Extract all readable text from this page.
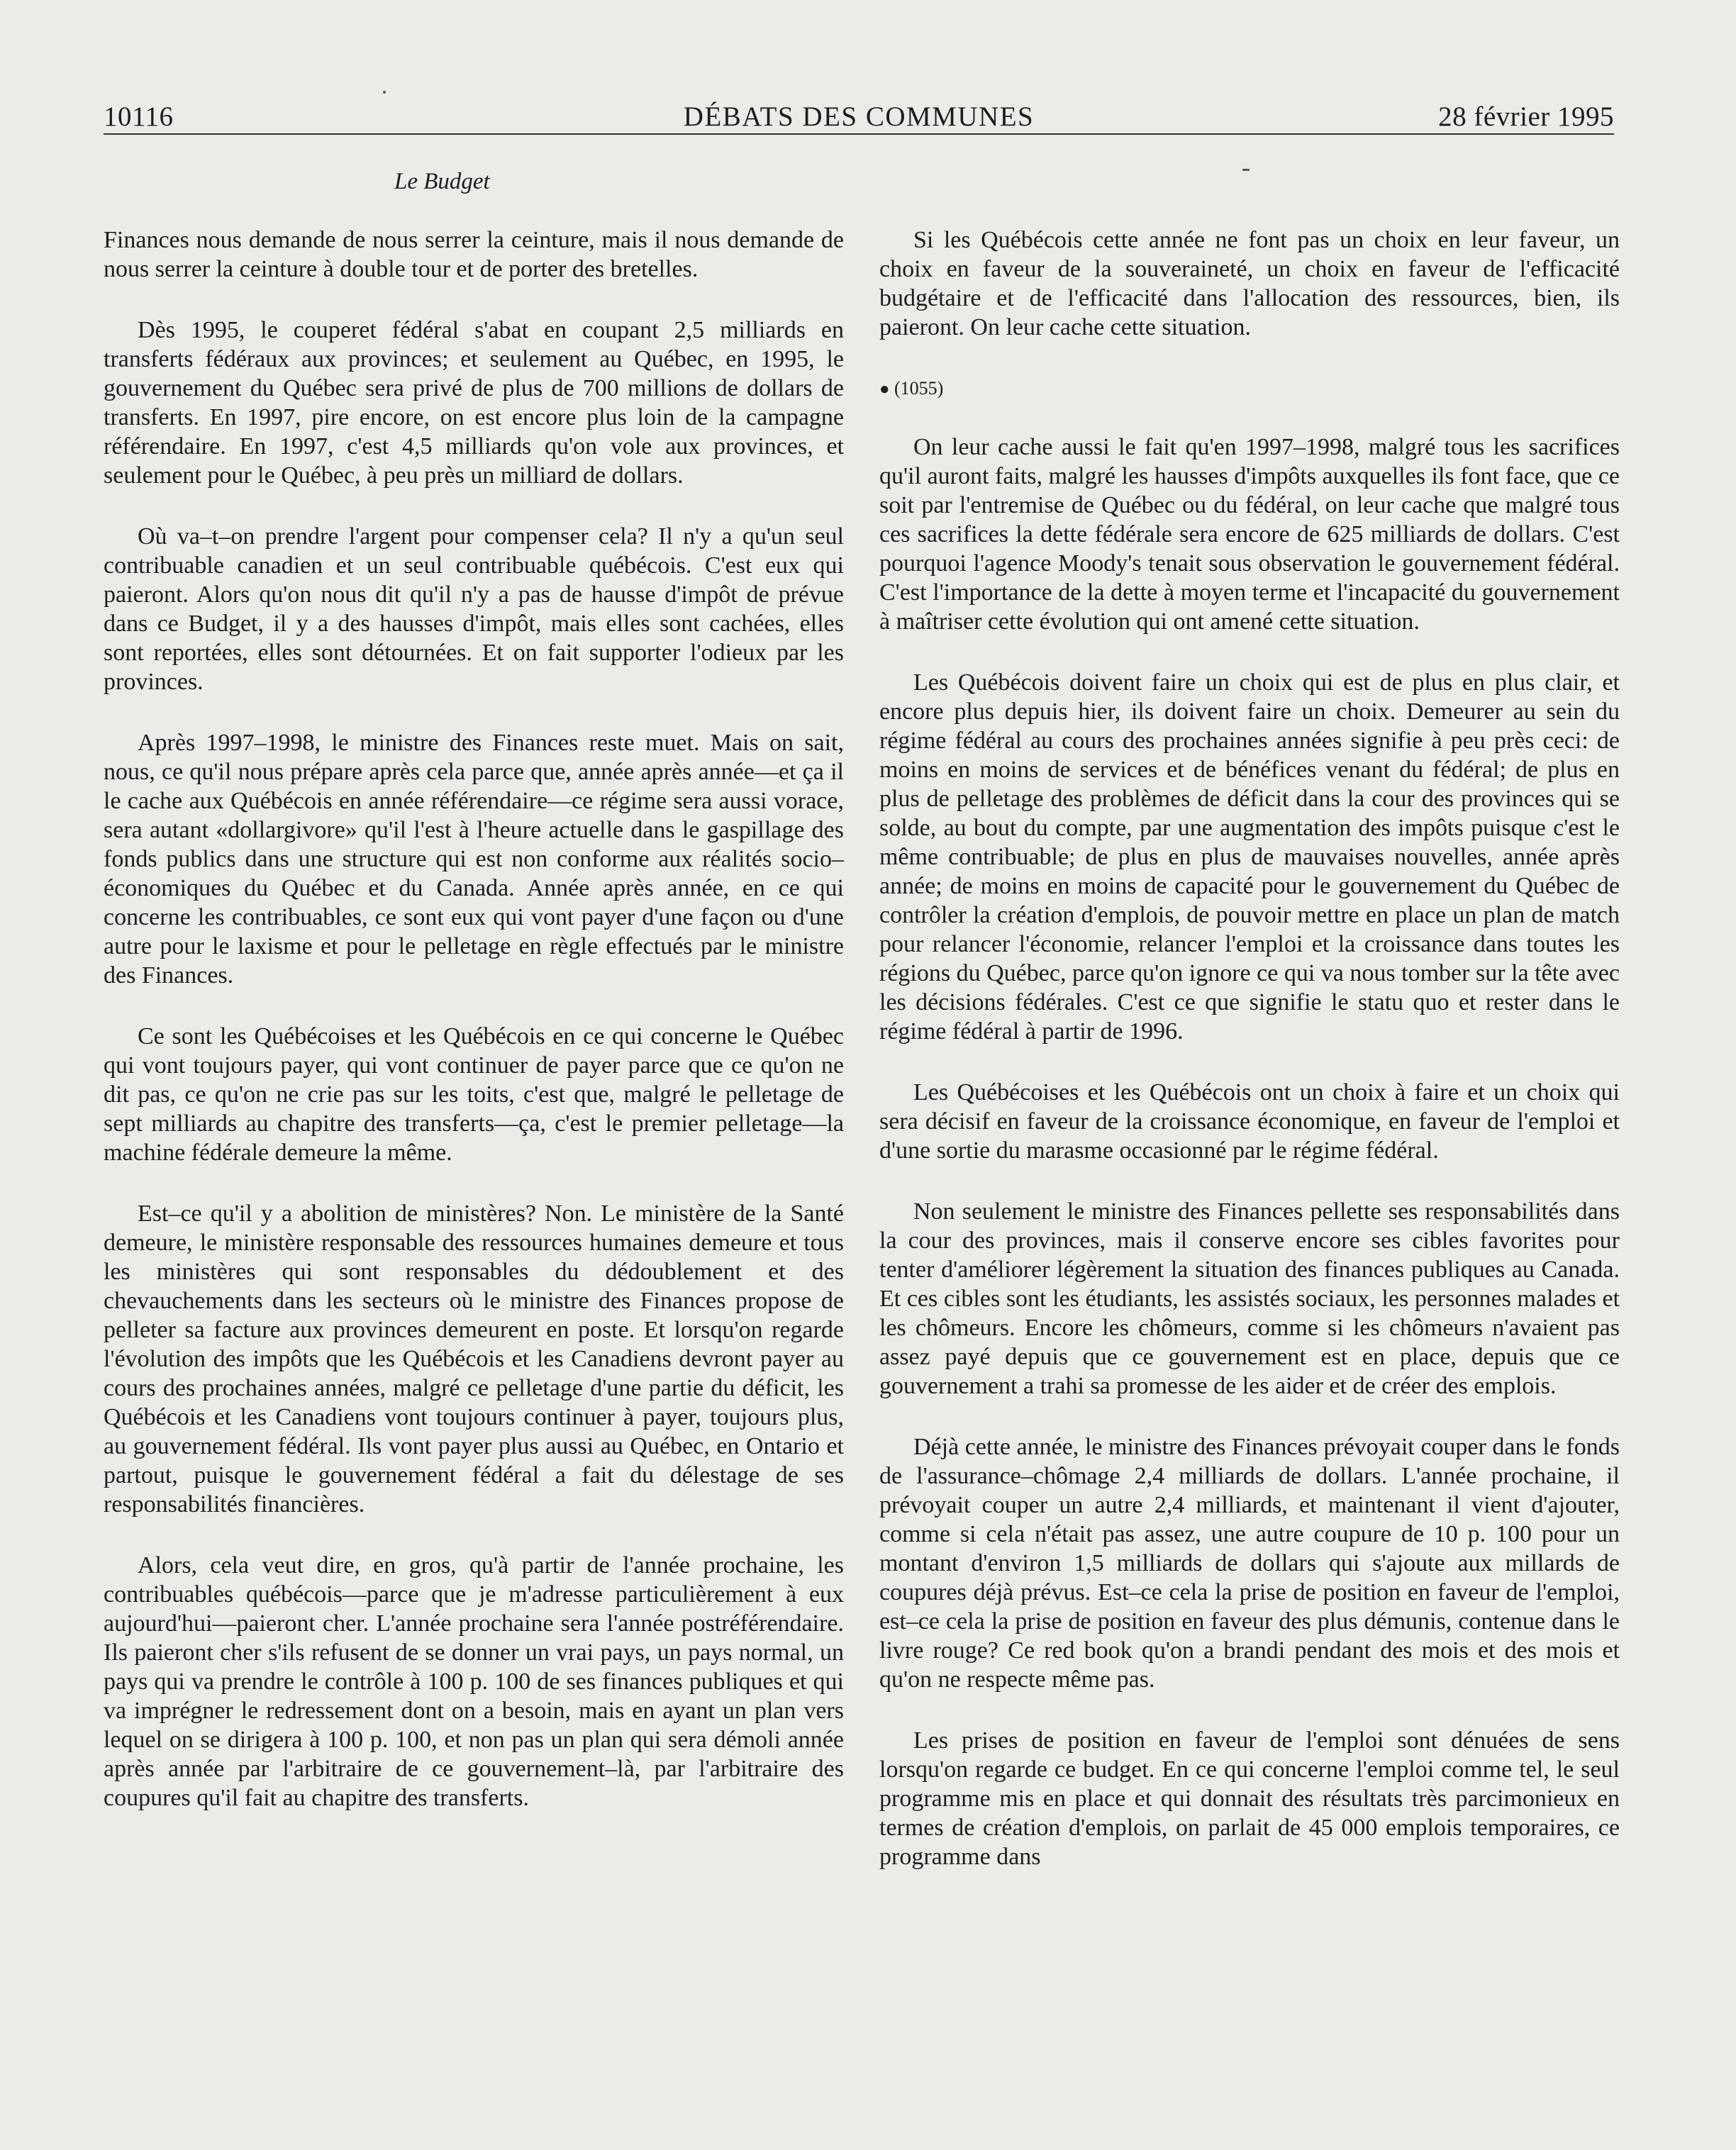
DÉBATS DES COMMUNES
10116	28 février 1995
Le Budget

Finances nous demande de nous serrer la ceinture, mais il nous demande de nous serrer la ceinture à double tour et de porter des bretelles.

Dès 1995, le couperet fédéral s'abat en coupant 2,5 milliards en transferts fédéraux aux provinces; et seulement au Québec, en 1995, le gouvernement du Québec sera privé de plus de 700 millions de dollars de transferts. En 1997, pire encore, on est encore plus loin de la campagne référendaire. En 1997, c'est 4,5 milliards qu'on vole aux provinces, et seulement pour le Québec, à peu près un milliard de dollars.

Où va–t–on prendre l'argent pour compenser cela? Il n'y a qu'un seul contribuable canadien et un seul contribuable québécois. C'est eux qui paieront. Alors qu'on nous dit qu'il n'y a pas de hausse d'impôt de prévue dans ce Budget, il y a des hausses d'impôt, mais elles sont cachées, elles sont reportées, elles sont détournées. Et on fait supporter l'odieux par les provinces.

Après 1997–1998, le ministre des Finances reste muet. Mais on sait, nous, ce qu'il nous prépare après cela parce que, année après année—et ça il le cache aux Québécois en année référendaire—ce régime sera aussi vorace, sera autant «dollargivore» qu'il l'est à l'heure actuelle dans le gaspillage des fonds publics dans une structure qui est non conforme aux réalités socio–économiques du Québec et du Canada. Année après année, en ce qui concerne les contribuables, ce sont eux qui vont payer d'une façon ou d'une autre pour le laxisme et pour le pelletage en règle effectués par le ministre des Finances.

Ce sont les Québécoises et les Québécois en ce qui concerne le Québec qui vont toujours payer, qui vont continuer de payer parce que ce qu'on ne dit pas, ce qu'on ne crie pas sur les toits, c'est que, malgré le pelletage de sept milliards au chapitre des transferts—ça, c'est le premier pelletage—la machine fédérale demeure la même.

Est–ce qu'il y a abolition de ministères? Non. Le ministère de la Santé demeure, le ministère responsable des ressources humaines demeure et tous les ministères qui sont responsables du dédoublement et des chevauchements dans les secteurs où le ministre des Finances propose de pelleter sa facture aux provinces demeurent en poste. Et lorsqu'on regarde l'évolution des impôts que les Québécois et les Canadiens devront payer au cours des prochaines années, malgré ce pelletage d'une partie du déficit, les Québécois et les Canadiens vont toujours continuer à payer, toujours plus, au gouvernement fédéral. Ils vont payer plus aussi au Québec, en Ontario et partout, puisque le gouvernement fédéral a fait du délestage de ses responsabilités financières.

Alors, cela veut dire, en gros, qu'à partir de l'année prochaine, les contribuables québécois—parce que je m'adresse particulièrement à eux aujourd'hui—paieront cher. L'année prochaine sera l'année postréférendaire. Ils paieront cher s'ils refusent de se donner un vrai pays, un pays normal, un pays qui va prendre le contrôle à 100 p. 100 de ses finances publiques et qui va imprégner le redressement dont on a besoin, mais en ayant un plan vers lequel on se dirigera à 100 p. 100, et non pas un plan qui sera démoli année après année par l'arbitraire de ce gouvernement–là, par l'arbitraire des coupures qu'il fait au chapitre des transferts.

Si les Québécois cette année ne font pas un choix en leur faveur, un choix en faveur de la souveraineté, un choix en faveur de l'efficacité budgétaire et de l'efficacité dans l'allocation des ressources, bien, ils paieront. On leur cache cette situation.

● (1055)

On leur cache aussi le fait qu'en 1997–1998, malgré tous les sacrifices qu'il auront faits, malgré les hausses d'impôts auxquelles ils font face, que ce soit par l'entremise de Québec ou du fédéral, on leur cache que malgré tous ces sacrifices la dette fédérale sera encore de 625 milliards de dollars. C'est pourquoi l'agence Moody's tenait sous observation le gouvernement fédéral. C'est l'importance de la dette à moyen terme et l'incapacité du gouvernement à maîtriser cette évolution qui ont amené cette situation.

Les Québécois doivent faire un choix qui est de plus en plus clair, et encore plus depuis hier, ils doivent faire un choix. Demeurer au sein du régime fédéral au cours des prochaines années signifie à peu près ceci: de moins en moins de services et de bénéfices venant du fédéral; de plus en plus de pelletage des problèmes de déficit dans la cour des provinces qui se solde, au bout du compte, par une augmentation des impôts puisque c'est le même contribuable; de plus en plus de mauvaises nouvelles, année après année; de moins en moins de capacité pour le gouvernement du Québec de contrôler la création d'emplois, de pouvoir mettre en place un plan de match pour relancer l'économie, relancer l'emploi et la croissance dans toutes les régions du Québec, parce qu'on ignore ce qui va nous tomber sur la tête avec les décisions fédérales. C'est ce que signifie le statu quo et rester dans le régime fédéral à partir de 1996.

Les Québécoises et les Québécois ont un choix à faire et un choix qui sera décisif en faveur de la croissance économique, en faveur de l'emploi et d'une sortie du marasme occasionné par le régime fédéral.

Non seulement le ministre des Finances pellette ses responsabilités dans la cour des provinces, mais il conserve encore ses cibles favorites pour tenter d'améliorer légèrement la situation des finances publiques au Canada. Et ces cibles sont les étudiants, les assistés sociaux, les personnes malades et les chômeurs. Encore les chômeurs, comme si les chômeurs n'avaient pas assez payé depuis que ce gouvernement est en place, depuis que ce gouvernement a trahi sa promesse de les aider et de créer des emplois.

Déjà cette année, le ministre des Finances prévoyait couper dans le fonds de l'assurance–chômage 2,4 milliards de dollars. L'année prochaine, il prévoyait couper un autre 2,4 milliards, et maintenant il vient d'ajouter, comme si cela n'était pas assez, une autre coupure de 10 p. 100 pour un montant d'environ 1,5 milliards de dollars qui s'ajoute aux millards de coupures déjà prévus. Est–ce cela la prise de position en faveur de l'emploi, est–ce cela la prise de position en faveur des plus démunis, contenue dans le livre rouge? Ce red book qu'on a brandi pendant des mois et des mois et qu'on ne respecte même pas.

Les prises de position en faveur de l'emploi sont dénuées de sens lorsqu'on regarde ce budget. En ce qui concerne l'emploi comme tel, le seul programme mis en place et qui donnait des résultats très parcimonieux en termes de création d'emplois, on parlait de 45 000 emplois temporaires, ce programme dans
